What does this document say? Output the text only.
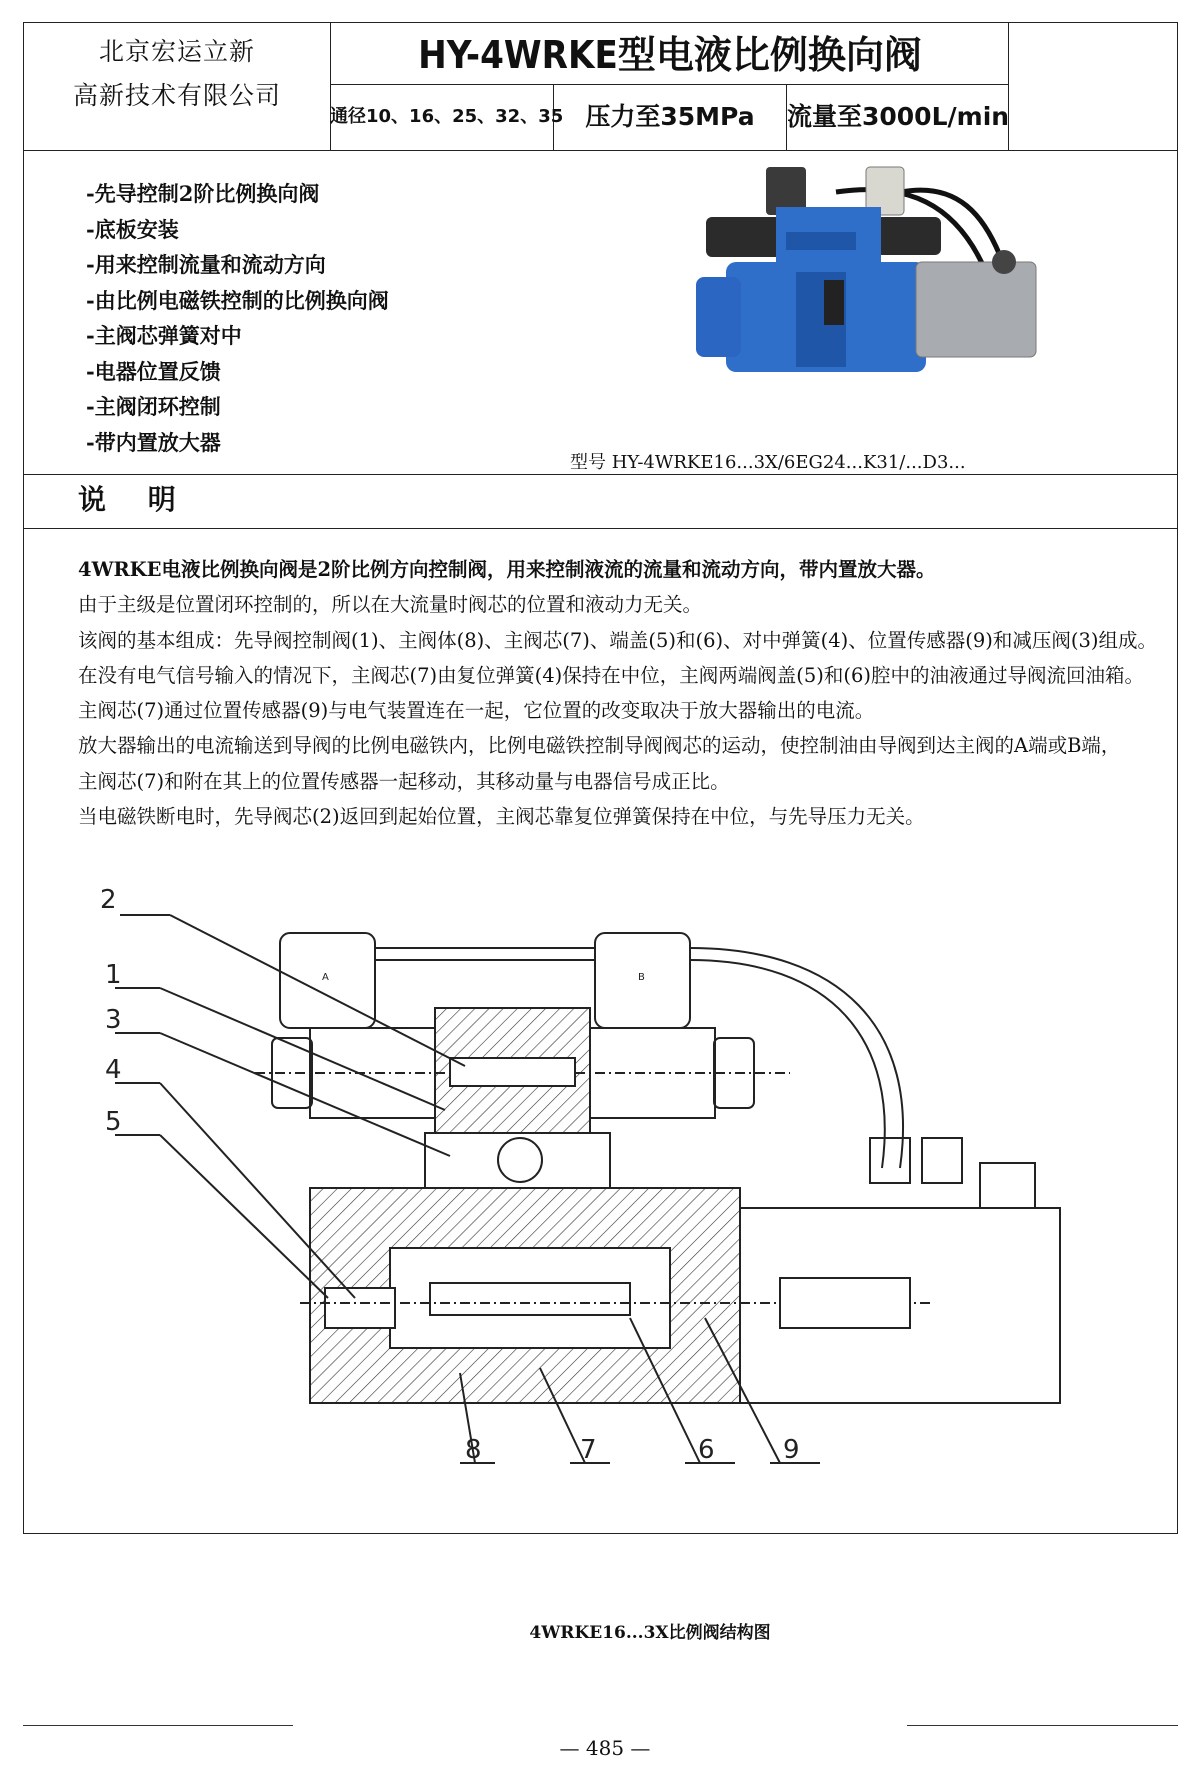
北京宏运立新
高新技术有限公司
HY-4WRKE型电液比例换向阀
通径10、16、25、32、35 压力至35MPa	流量至3000L/min
-先导控制2阶比例换向阀
-底板安装
-用来控制流量和流动方向
-由比例电磁铁控制的比例换向阀
-主阀芯弹簧对中
-电器位置反馈
-主阀闭环控制
-带内置放大器
型号 HY-4WRKE16...3X/6EG24...K31/...D3...
说 明

4WRKE电液比例换向阀是2阶比例方向控制阀，用来控制液流的流量和流动方向，带内置放大器。

由于主级是位置闭环控制的，所以在大流量时阀芯的位置和液动力无关。

该阀的基本组成：先导阀控制阀(1)、主阀体(8)、主阀芯(7)、端盖(5)和(6)、对中弹簧(4)、位置传感器(9)和减压阀(3)组成。

在没有电气信号输入的情况下，主阀芯(7)由复位弹簧(4)保持在中位，主阀两端阀盖(5)和(6)腔中的油液通过导阀流回油箱。

主阀芯(7)通过位置传感器(9)与电气装置连在一起，它位置的改变取决于放大器输出的电流。

放大器输出的电流输送到导阀的比例电磁铁内，比例电磁铁控制导阀阀芯的运动，使控制油由导阀到达主阀的A端或B端，

主阀芯(7)和附在其上的位置传感器一起移动，其移动量与电器信号成正比。

当电磁铁断电时，先导阀芯(2)返回到起始位置，主阀芯靠复位弹簧保持在中位，与先导压力无关。

2
1
3
4
5
8	7	6	9
A	B
4WRKE16...3X比例阀结构图
— 485 —
